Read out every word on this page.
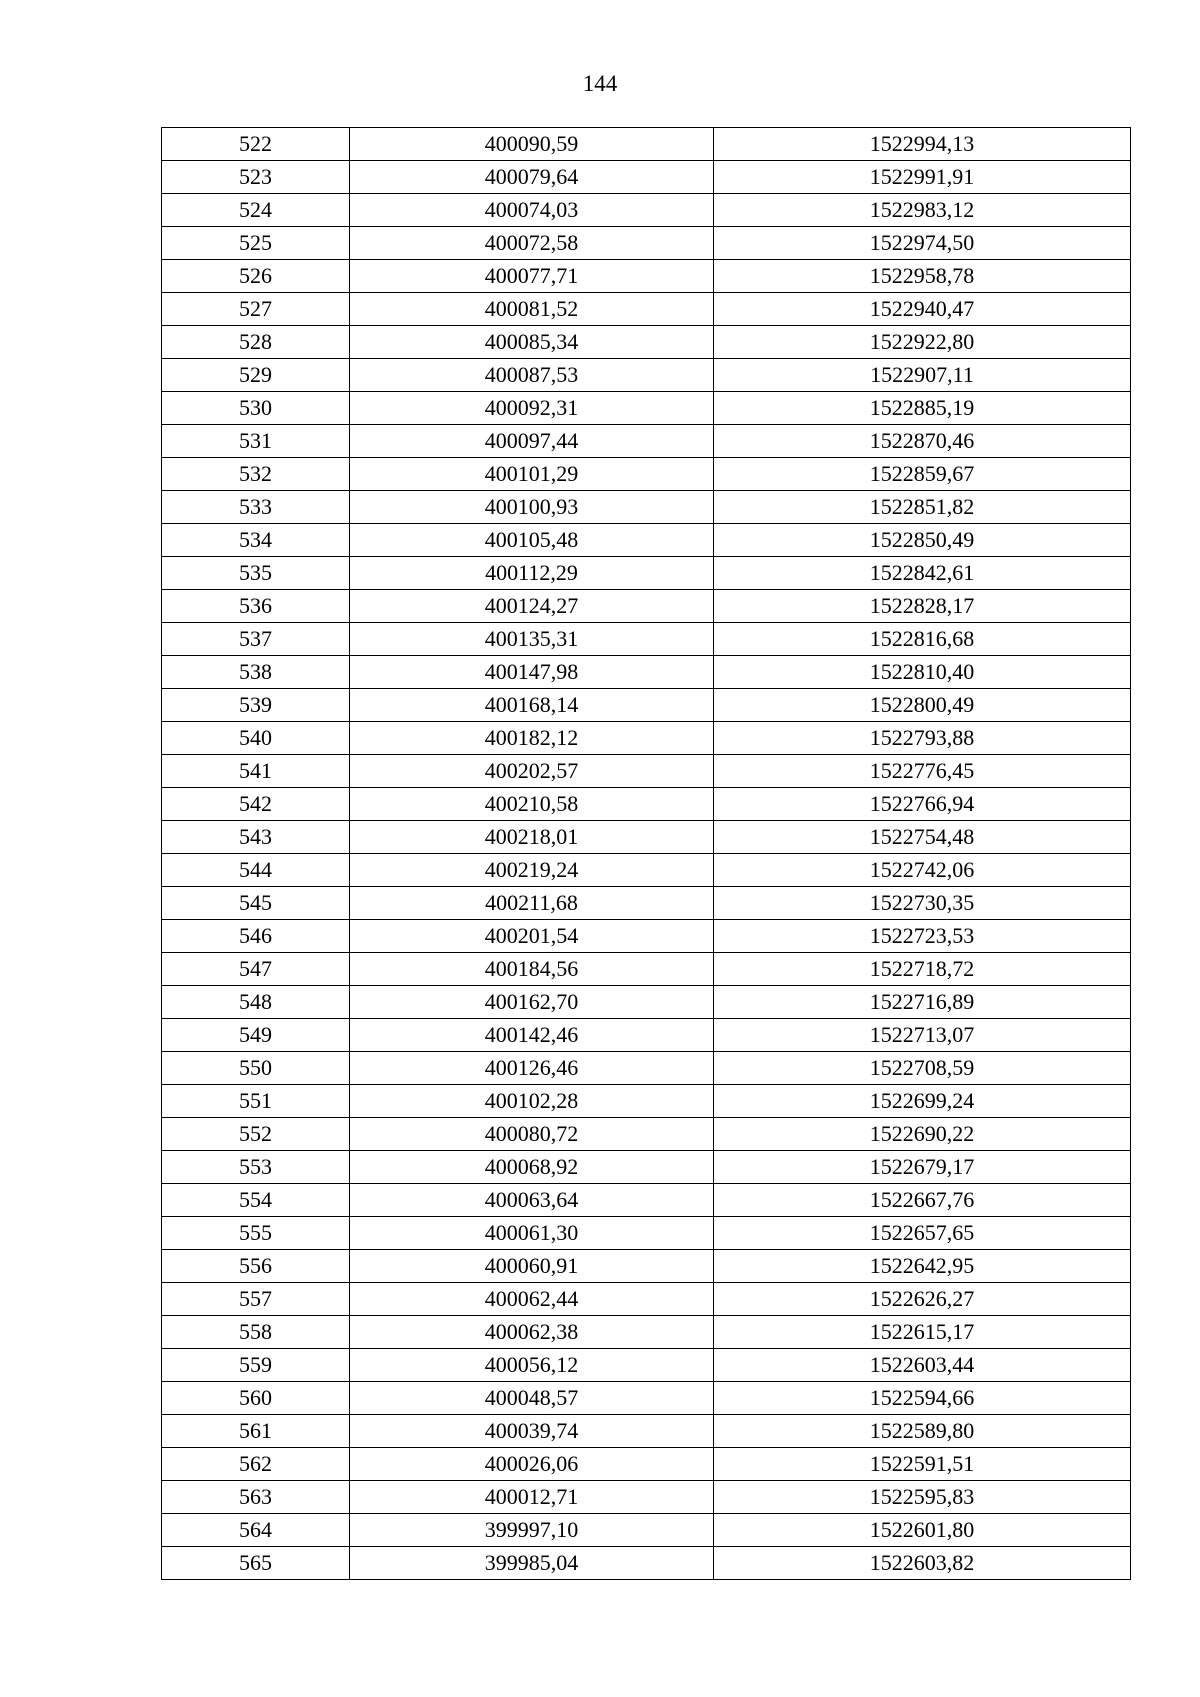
144
522	400090,59	1522994,13
523	400079,64	1522991,91
524	400074,03	1522983,12
525	400072,58	1522974,50
526	400077,71	1522958,78
527	400081,52	1522940,47
528	400085,34	1522922,80
529	400087,53	1522907,11
530	400092,31	1522885,19
531	400097,44	1522870,46
532	400101,29	1522859,67
533	400100,93	1522851,82
534	400105,48	1522850,49
535	400112,29	1522842,61
536	400124,27	1522828,17
537	400135,31	1522816,68
538	400147,98	1522810,40
539	400168,14	1522800,49
540	400182,12	1522793,88
541	400202,57	1522776,45
542	400210,58	1522766,94
543	400218,01	1522754,48
544	400219,24	1522742,06
545	400211,68	1522730,35
546	400201,54	1522723,53
547	400184,56	1522718,72
548	400162,70	1522716,89
549	400142,46	1522713,07
550	400126,46	1522708,59
551	400102,28	1522699,24
552	400080,72	1522690,22
553	400068,92	1522679,17
554	400063,64	1522667,76
555	400061,30	1522657,65
556	400060,91	1522642,95
557	400062,44	1522626,27
558	400062,38	1522615,17
559	400056,12	1522603,44
560	400048,57	1522594,66
561	400039,74	1522589,80
562	400026,06	1522591,51
563	400012,71	1522595,83
564	399997,10	1522601,80
565	399985,04	1522603,82
